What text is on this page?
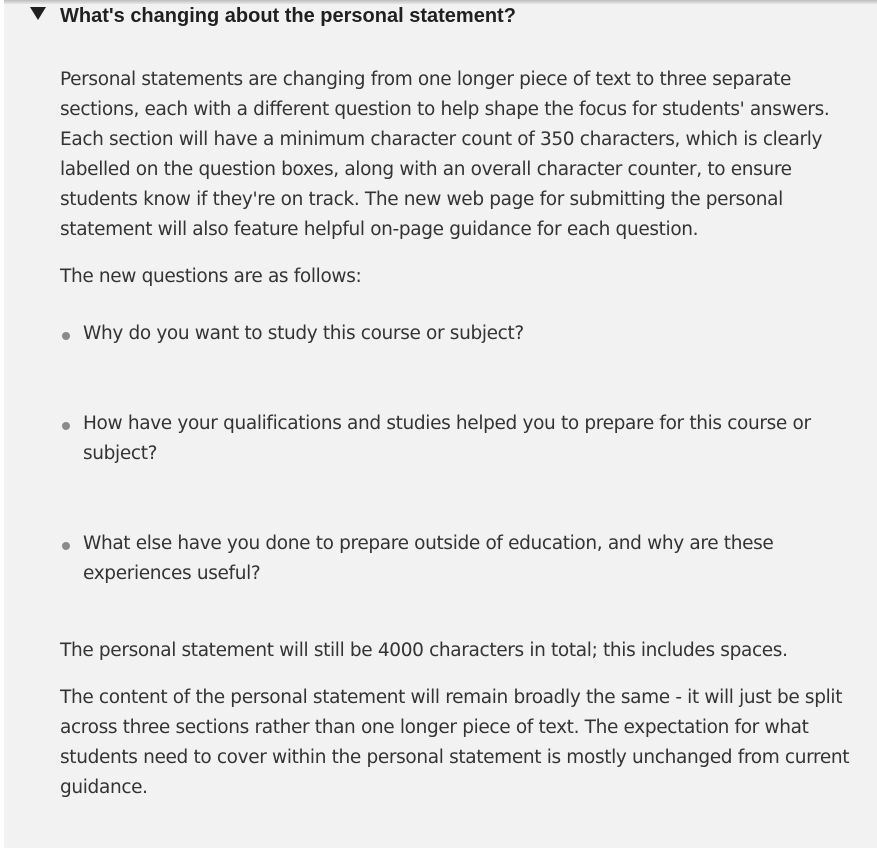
What's changing about the personal statement?

Personal statements are changing from one longer piece of text to three separate sections, each with a different question to help shape the focus for students' answers. Each section will have a minimum character count of 350 characters, which is clearly labelled on the question boxes, along with an overall character counter, to ensure students know if they're on track. The new web page for submitting the personal statement will also feature helpful on-page guidance for each question.

The new questions are as follows:

Why do you want to study this course or subject?
How have your qualifications and studies helped you to prepare for this course or subject?
What else have you done to prepare outside of education, and why are these experiences useful?

The personal statement will still be 4000 characters in total; this includes spaces.

The content of the personal statement will remain broadly the same - it will just be split across three sections rather than one longer piece of text. The expectation for what students need to cover within the personal statement is mostly unchanged from current guidance.
